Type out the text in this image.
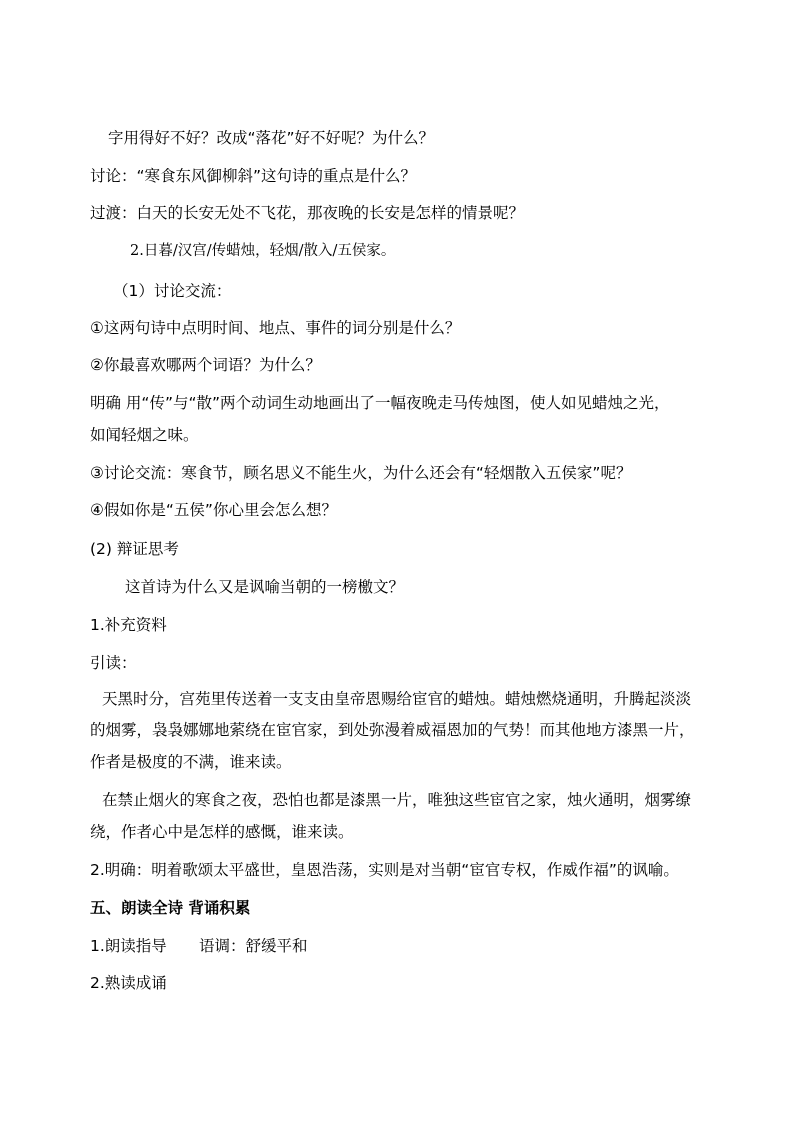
字用得好不好？改成“落花”好不好呢？为什么？

讨论：“寒食东风御柳斜”这句诗的重点是什么？

过渡：白天的长安无处不飞花，那夜晚的长安是怎样的情景呢？

2.日暮/汉宫/传蜡烛，轻烟/散入/五侯家。

（1）讨论交流：

①这两句诗中点明时间、地点、事件的词分别是什么？

②你最喜欢哪两个词语？为什么？

明确 用“传”与“散”两个动词生动地画出了一幅夜晚走马传烛图，使人如见蜡烛之光，

如闻轻烟之味。

③讨论交流：寒食节，顾名思义不能生火，为什么还会有“轻烟散入五侯家”呢？

④假如你是“五侯”你心里会怎么想？

(2) 辩证思考

这首诗为什么又是讽喻当朝的一榜檄文？

1.补充资料

引读：

天黑时分，宫苑里传送着一支支由皇帝恩赐给宦官的蜡烛。蜡烛燃烧通明，升腾起淡淡

的烟雾，袅袅娜娜地萦绕在宦官家，到处弥漫着威福恩加的气势！而其他地方漆黑一片，

作者是极度的不满，谁来读。

在禁止烟火的寒食之夜，恐怕也都是漆黑一片，唯独这些宦官之家，烛火通明，烟雾缭

绕，作者心中是怎样的感慨，谁来读。

2.明确：明着歌颂太平盛世，皇恩浩荡，实则是对当朝“宦官专权，作威作福”的讽喻。

五、朗读全诗 背诵积累

1.朗读指导 语调：舒缓平和

2.熟读成诵
